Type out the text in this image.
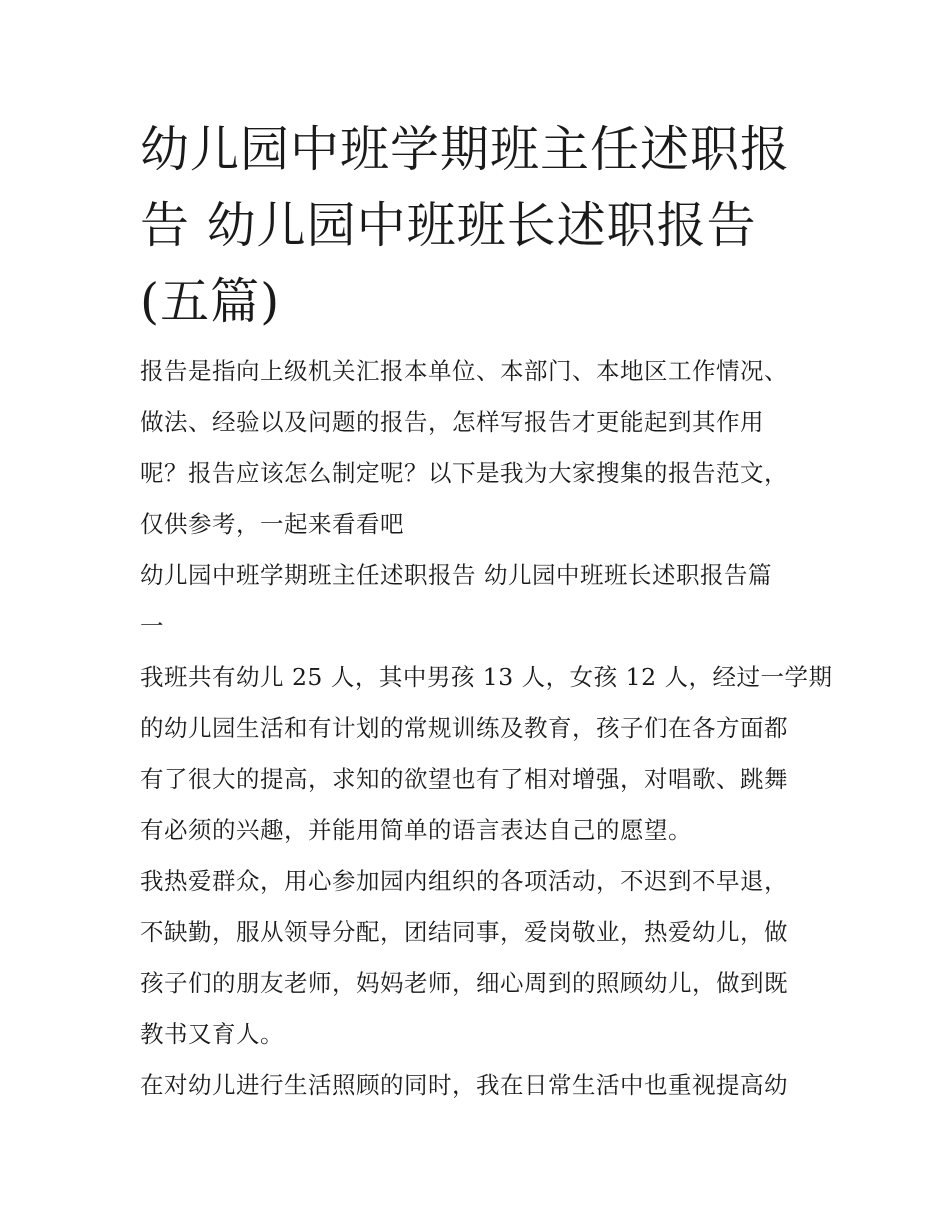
幼儿园中班学期班主任述职报
告 幼儿园中班班长述职报告
(五篇)

报告是指向上级机关汇报本单位、本部门、本地区工作情况、
做法、经验以及问题的报告，怎样写报告才更能起到其作用
呢？报告应该怎么制定呢？以下是我为大家搜集的报告范文，
仅供参考，一起来看看吧

幼儿园中班学期班主任述职报告 幼儿园中班班长述职报告篇
一

我班共有幼儿 25 人，其中男孩 13 人，女孩 12 人，经过一学期
的幼儿园生活和有计划的常规训练及教育，孩子们在各方面都
有了很大的提高，求知的欲望也有了相对增强，对唱歌、跳舞
有必须的兴趣，并能用简单的语言表达自己的愿望。

我热爱群众，用心参加园内组织的各项活动，不迟到不早退，
不缺勤，服从领导分配，团结同事，爱岗敬业，热爱幼儿，做
孩子们的朋友老师，妈妈老师，细心周到的照顾幼儿，做到既
教书又育人。

在对幼儿进行生活照顾的同时，我在日常生活中也重视提高幼
